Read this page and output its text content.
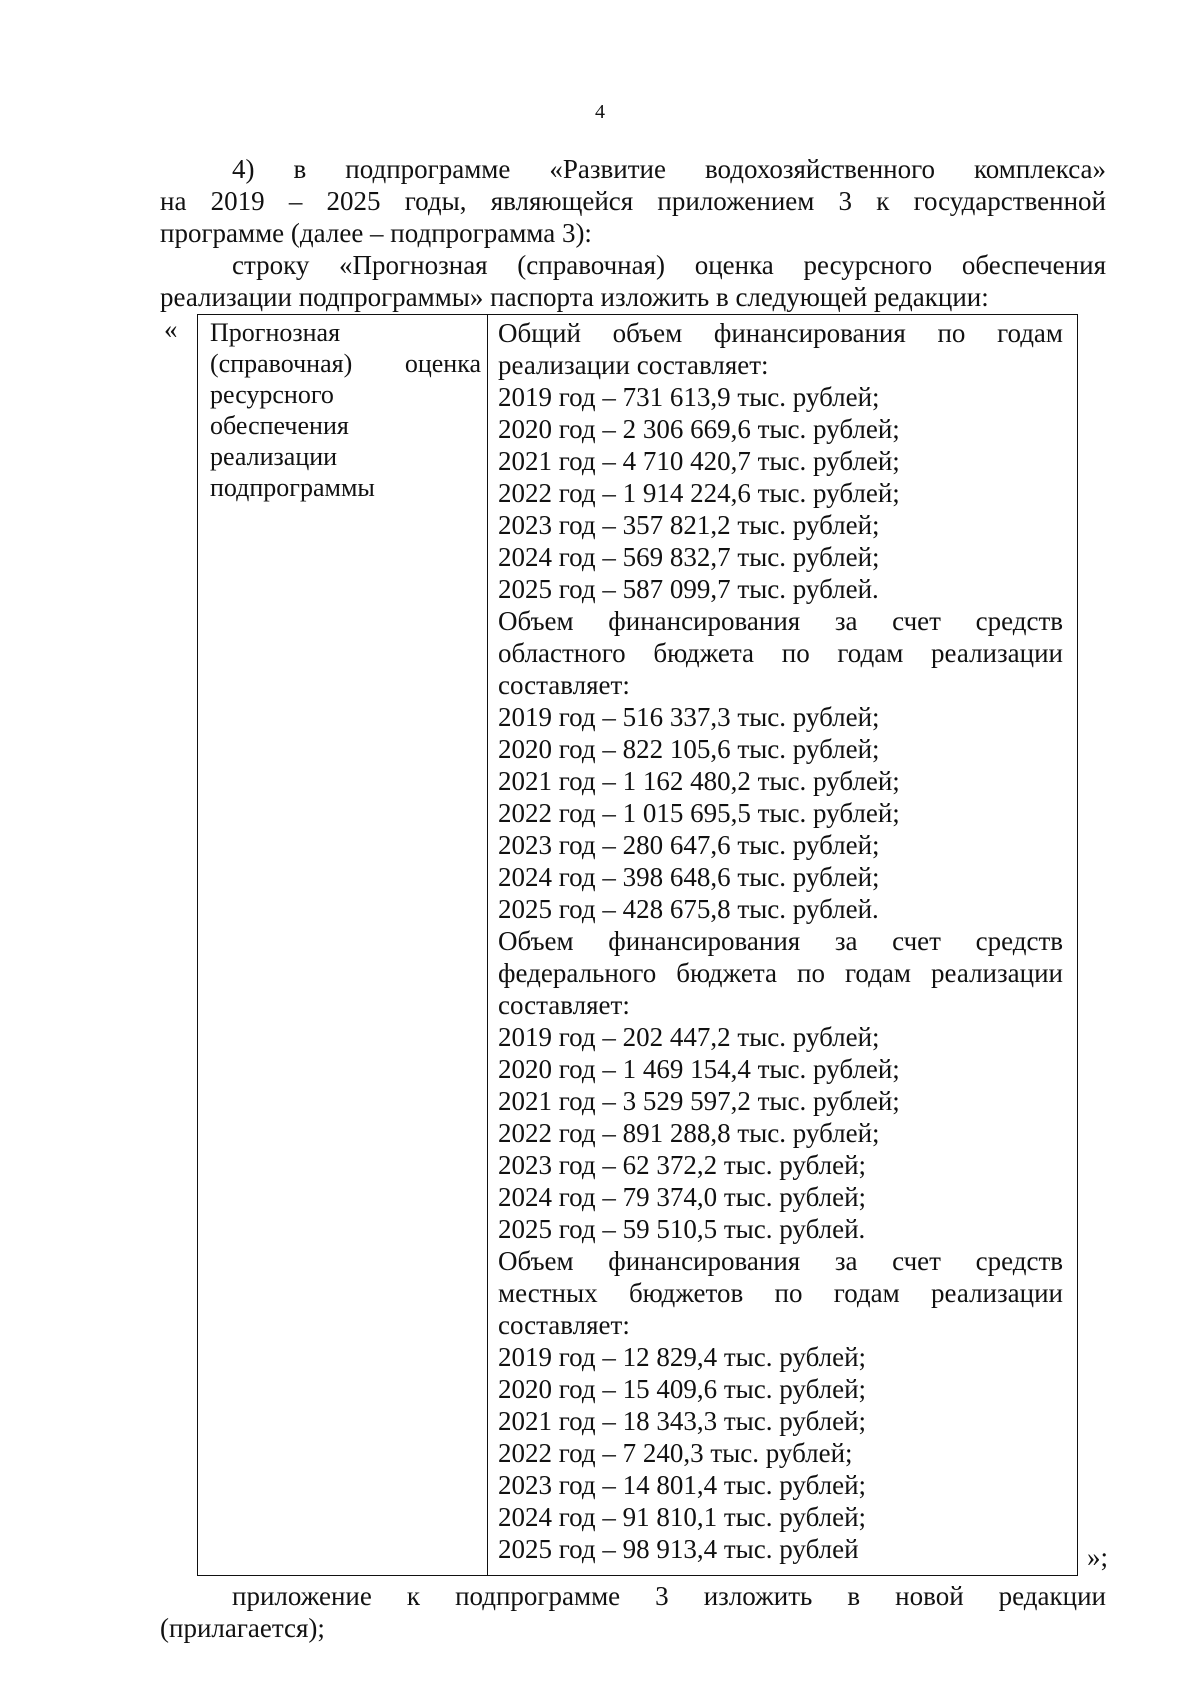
4
4) в подпрограмме «Развитие водохозяйственного комплекса»
на 2019 – 2025 годы, являющейся приложением 3 к государственной
программе (далее – подпрограмма 3):
строку «Прогнозная (справочная) оценка ресурсного обеспечения
реализации подпрограммы» паспорта изложить в следующей редакции:
« Прогнозная
(справочная) оценка
ресурсного
обеспечения
реализации
подпрограммы
Общий объем финансирования по годам
реализации составляет:
2019 год – 731 613,9 тыс. рублей;
2020 год – 2 306 669,6 тыс. рублей;
2021 год – 4 710 420,7 тыс. рублей;
2022 год – 1 914 224,6 тыс. рублей;
2023 год – 357 821,2 тыс. рублей;
2024 год – 569 832,7 тыс. рублей;
2025 год – 587 099,7 тыс. рублей.
Объем финансирования за счет средств
областного бюджета по годам реализации
составляет:
2019 год – 516 337,3 тыс. рублей;
2020 год – 822 105,6 тыс. рублей;
2021 год – 1 162 480,2 тыс. рублей;
2022 год – 1 015 695,5 тыс. рублей;
2023 год – 280 647,6 тыс. рублей;
2024 год – 398 648,6 тыс. рублей;
2025 год – 428 675,8 тыс. рублей.
Объем финансирования за счет средств
федерального бюджета по годам реализации
составляет:
2019 год – 202 447,2 тыс. рублей;
2020 год – 1 469 154,4 тыс. рублей;
2021 год – 3 529 597,2 тыс. рублей;
2022 год – 891 288,8 тыс. рублей;
2023 год – 62 372,2 тыс. рублей;
2024 год – 79 374,0 тыс. рублей;
2025 год – 59 510,5 тыс. рублей.
Объем финансирования за счет средств
местных бюджетов по годам реализации
составляет:
2019 год – 12 829,4 тыс. рублей;
2020 год – 15 409,6 тыс. рублей;
2021 год – 18 343,3 тыс. рублей;
2022 год – 7 240,3 тыс. рублей;
2023 год – 14 801,4 тыс. рублей;
2024 год – 91 810,1 тыс. рублей;
2025 год – 98 913,4 тыс. рублей	»;
приложение к подпрограмме 3 изложить в новой редакции
(прилагается);
